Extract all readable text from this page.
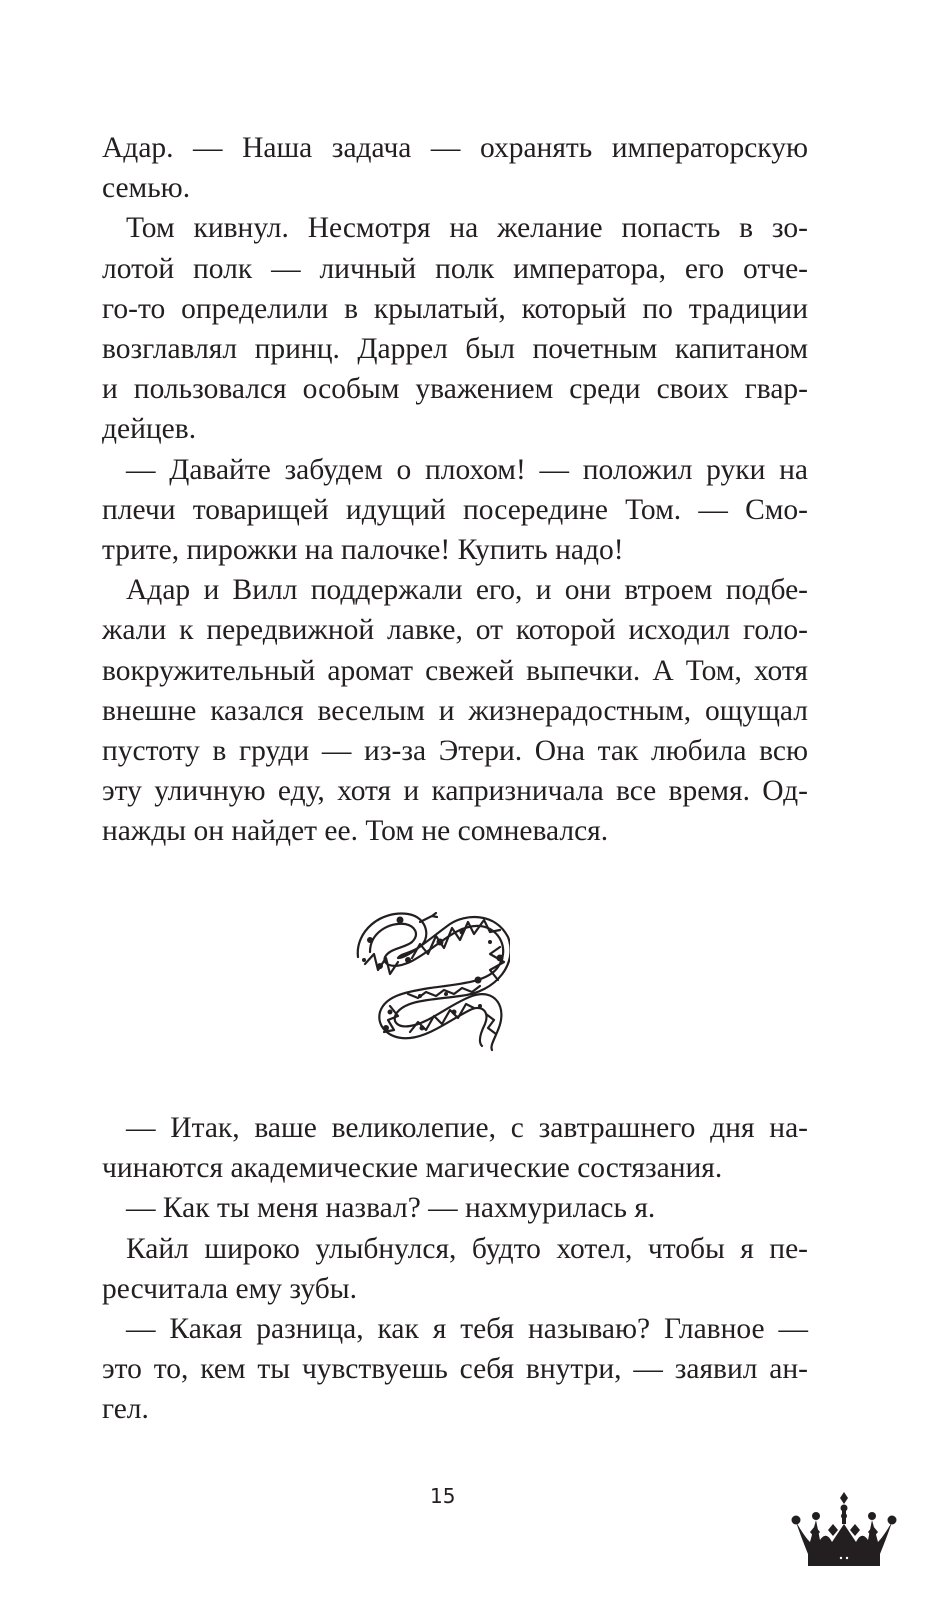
Адар. — Наша задача — охранять императорскую
семью.
Том кивнул. Несмотря на желание попасть в зо-
лотой полк — личный полк императора, его отче-
го-то определили в крылатый, который по традиции
возглавлял принц. Даррел был почетным капитаном
и пользовался особым уважением среди своих гвар-
дейцев.
— Давайте забудем о плохом! — положил руки на
плечи товарищей идущий посередине Том. — Смо-
трите, пирожки на палочке! Купить надо!
Адар и Вилл поддержали его, и они втроем подбе-
жали к передвижной лавке, от которой исходил голо-
вокружительный аромат свежей выпечки. А Том, хотя
внешне казался веселым и жизнерадостным, ощущал
пустоту в груди — из-за Этери. Она так любила всю
эту уличную еду, хотя и капризничала все время. Од-
нажды он найдет ее. Том не сомневался.
— Итак, ваше великолепие, с завтрашнего дня на-
чинаются академические магические состязания.
— Как ты меня назвал? — нахмурилась я.
Кайл широко улыбнулся, будто хотел, чтобы я пе-
ресчитала ему зубы.
— Какая разница, как я тебя называю? Главное —
это то, кем ты чувствуешь себя внутри, — заявил ан-
гел.
15
